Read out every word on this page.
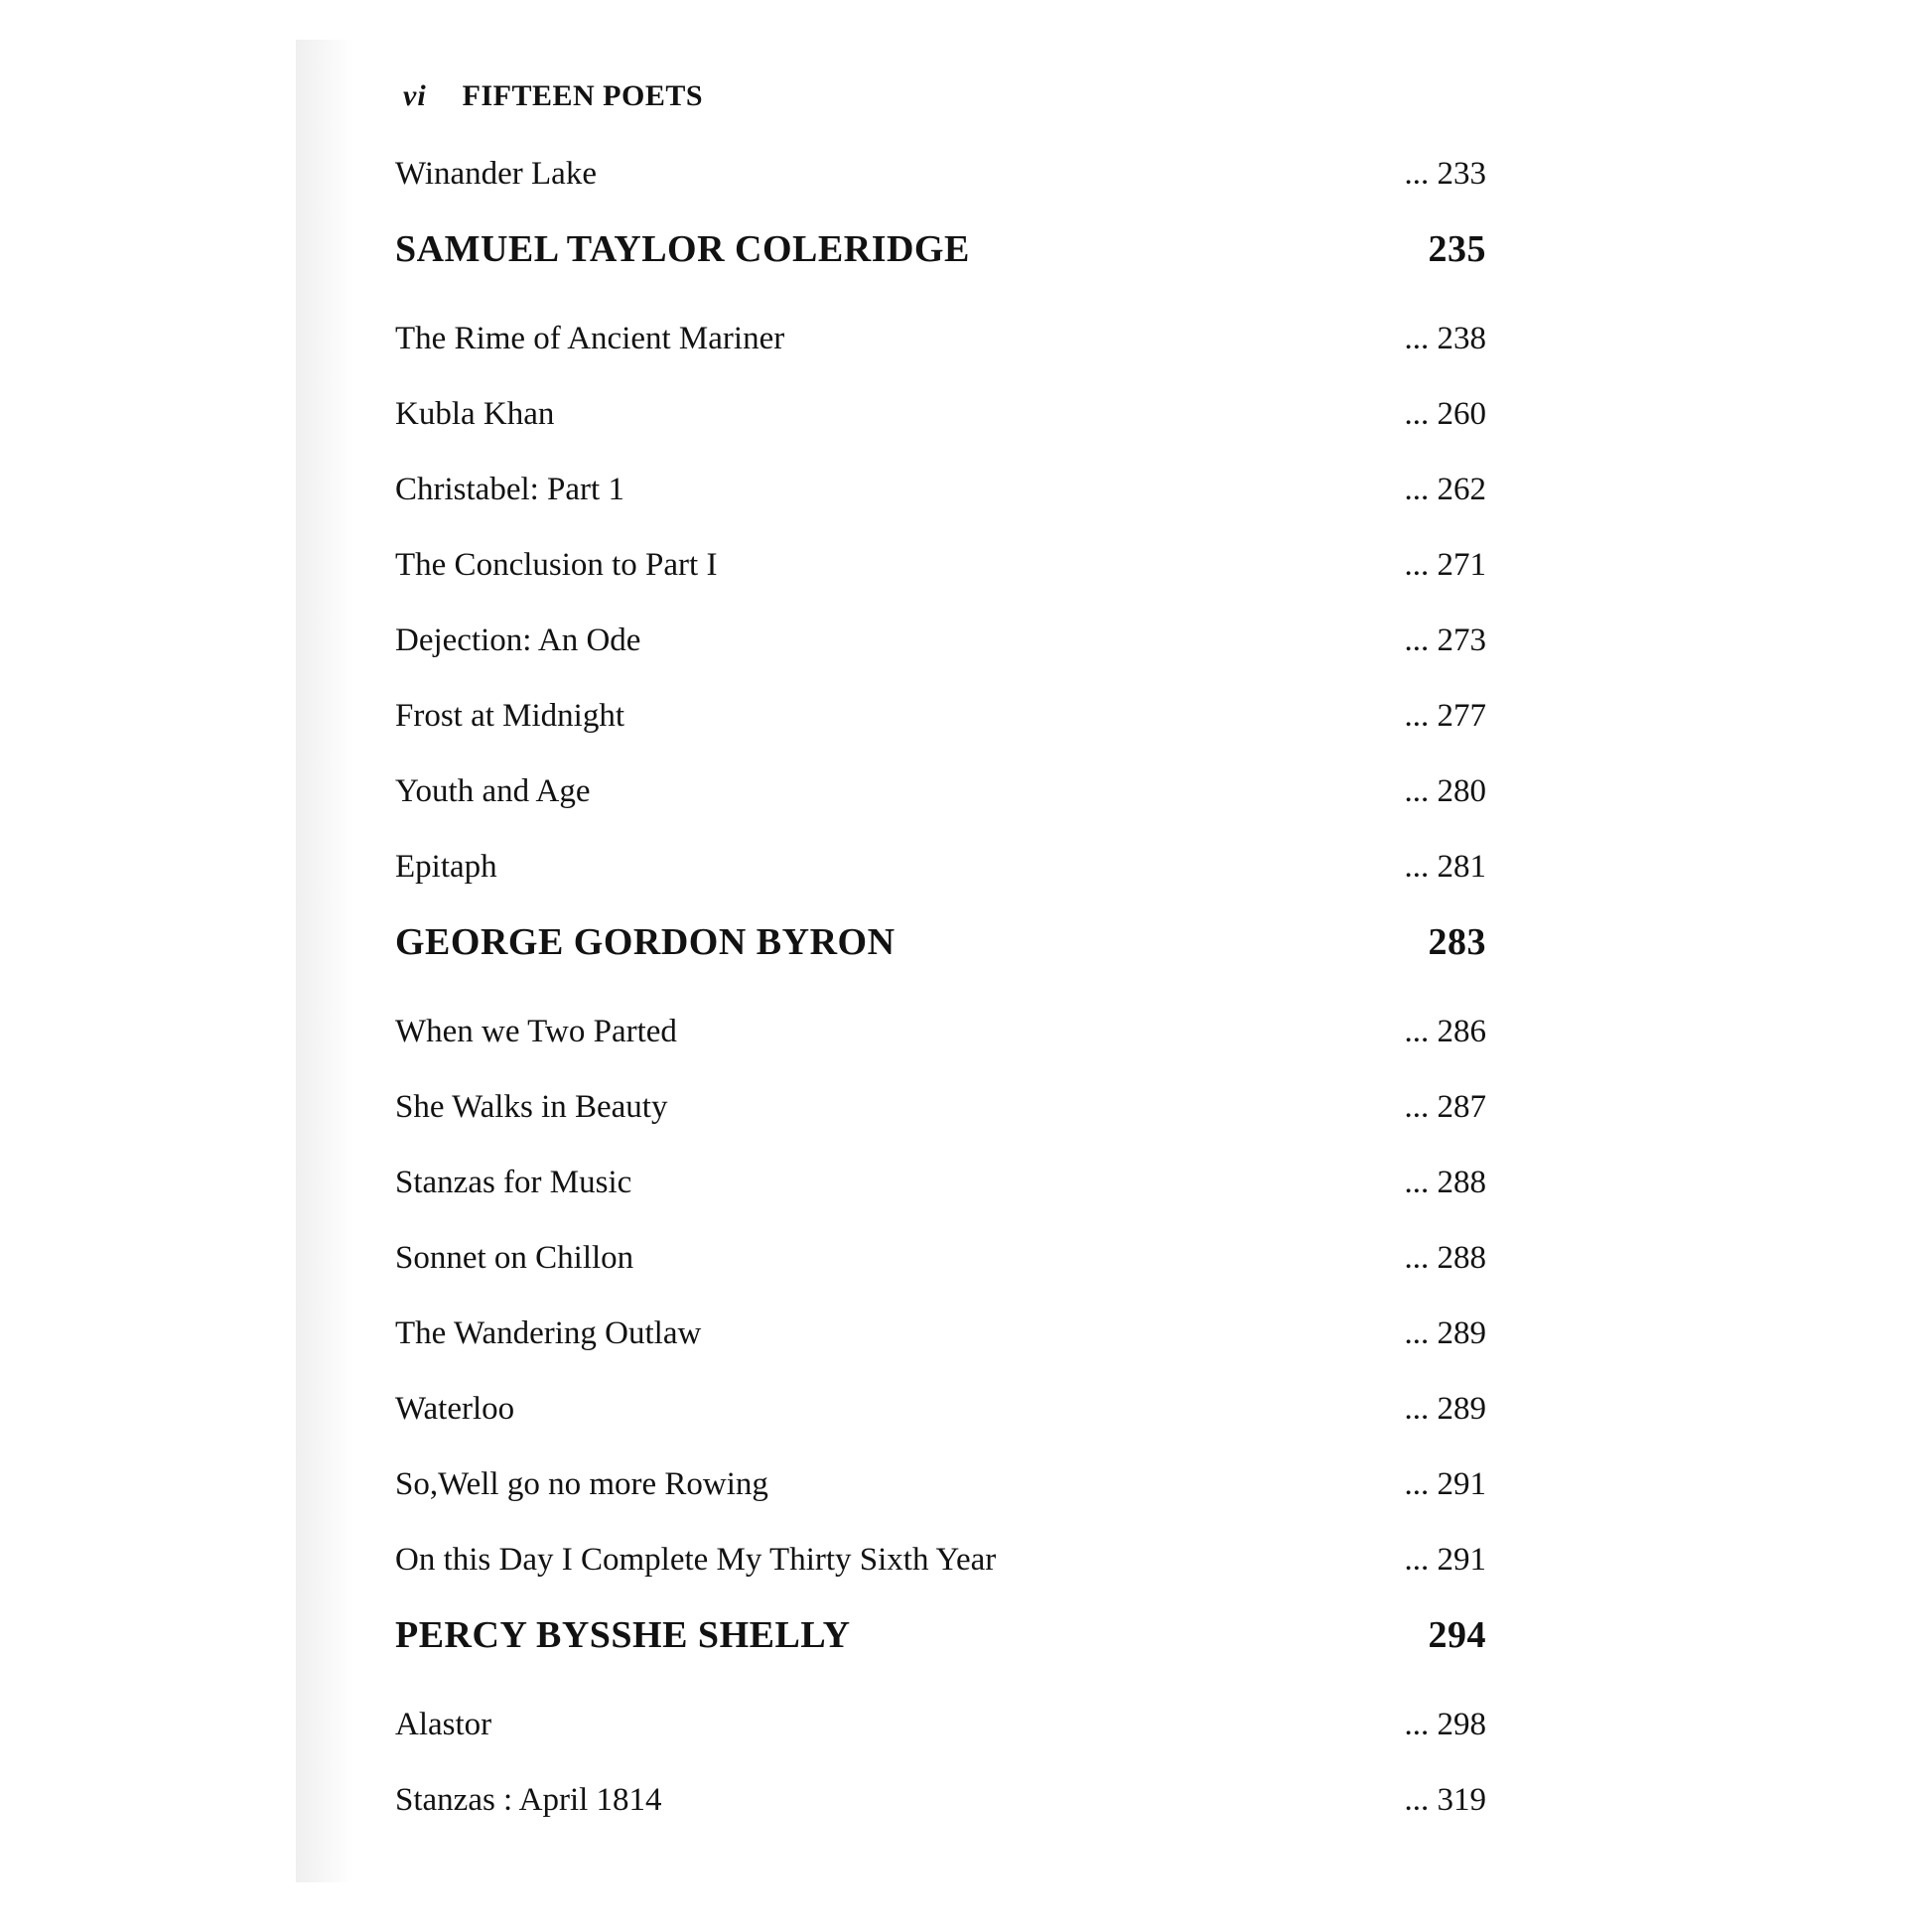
vi FIFTEEN POETS
Winander Lake	... 233
SAMUEL TAYLOR COLERIDGE	235
The Rime of Ancient Mariner	... 238
Kubla Khan	... 260
Christabel: Part 1	... 262
The Conclusion to Part I	... 271
Dejection: An Ode	... 273
Frost at Midnight	... 277
Youth and Age	... 280
Epitaph	... 281
GEORGE GORDON BYRON	283
When we Two Parted	... 286
She Walks in Beauty	... 287
Stanzas for Music	... 288
Sonnet on Chillon	... 288
The Wandering Outlaw	... 289
Waterloo	... 289
So,Well go no more Rowing	... 291
On this Day I Complete My Thirty Sixth Year	... 291
PERCY BYSSHE SHELLY	294
Alastor	... 298
Stanzas : April 1814	... 319
